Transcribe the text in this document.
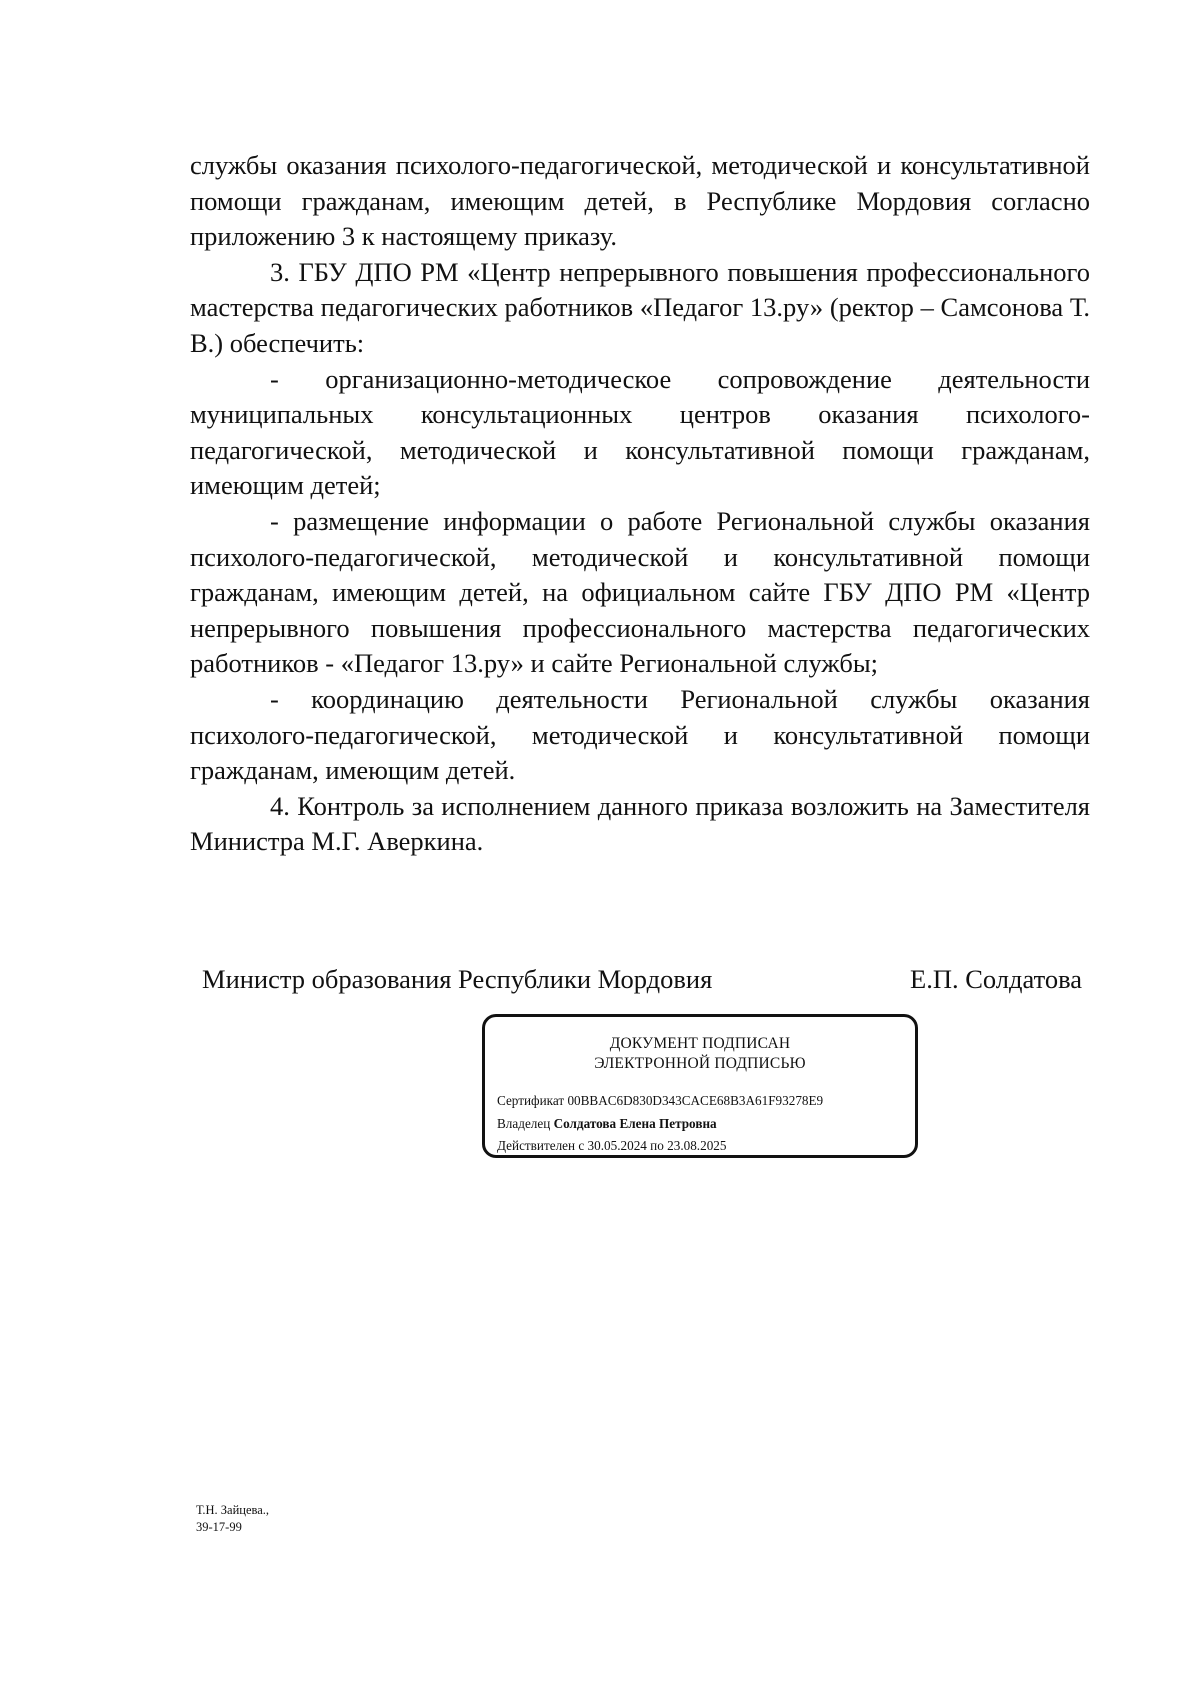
службы оказания психолого-педагогической, методической и консультативной помощи гражданам, имеющим детей, в Республике Мордовия согласно приложению 3 к настоящему приказу.

3. ГБУ ДПО РМ «Центр непрерывного повышения профессионального мастерства педагогических работников «Педагог 13.ру» (ректор – Самсонова Т. В.) обеспечить:

- организационно-методическое сопровождение деятельности муниципальных консультационных центров оказания психолого-педагогической, методической и консультативной помощи гражданам, имеющим детей;

- размещение информации о работе Региональной службы оказания психолого-педагогической, методической и консультативной помощи гражданам, имеющим детей, на официальном сайте ГБУ ДПО РМ «Центр непрерывного повышения профессионального мастерства педагогических работников - «Педагог 13.ру» и сайте Региональной службы;

- координацию деятельности Региональной службы оказания психолого-педагогической, методической и консультативной помощи гражданам, имеющим детей.

4. Контроль за исполнением данного приказа возложить на Заместителя Министра М.Г. Аверкина.

Министр образования Республики Мордовия	Е.П. Солдатова
ДОКУМЕНТ ПОДПИСАН
ЭЛЕКТРОННОЙ ПОДПИСЬЮ
Сертификат 00BBAC6D830D343CACE68B3A61F93278E9
Владелец Солдатова Елена Петровна
Действителен с 30.05.2024 по 23.08.2025
Т.Н. Зайцева.,
39-17-99
